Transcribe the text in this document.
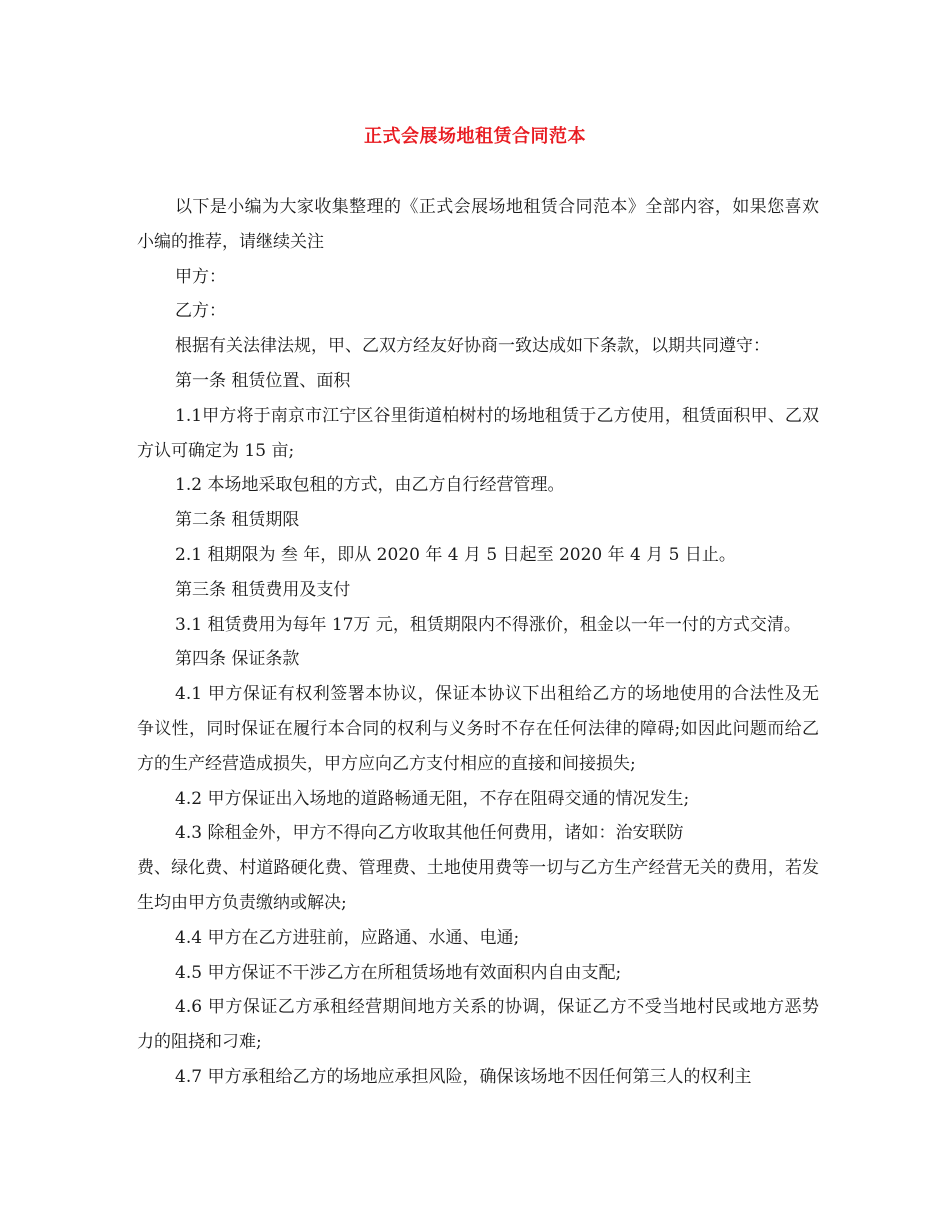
正式会展场地租赁合同范本

以下是小编为大家收集整理的《正式会展场地租赁合同范本》全部内容，如果您喜欢小编的推荐，请继续关注

甲方：

乙方：

根据有关法律法规，甲、乙双方经友好协商一致达成如下条款，以期共同遵守：

第一条 租赁位置、面积

1.1甲方将于南京市江宁区谷里街道柏树村的场地租赁于乙方使用，租赁面积甲、乙双方认可确定为 15 亩;

1.2 本场地采取包租的方式，由乙方自行经营管理。

第二条 租赁期限

2.1 租期限为 叁 年，即从 2020 年 4 月 5 日起至 2020 年 4 月 5 日止。

第三条 租赁费用及支付

3.1 租赁费用为每年 17万 元，租赁期限内不得涨价，租金以一年一付的方式交清。

第四条 保证条款

4.1 甲方保证有权利签署本协议，保证本协议下出租给乙方的场地使用的合法性及无争议性，同时保证在履行本合同的权利与义务时不存在任何法律的障碍;如因此问题而给乙方的生产经营造成损失，甲方应向乙方支付相应的直接和间接损失;

4.2 甲方保证出入场地的道路畅通无阻，不存在阻碍交通的情况发生;

4.3 除租金外，甲方不得向乙方收取其他任何费用，诸如：治安联防

费、绿化费、村道路硬化费、管理费、土地使用费等一切与乙方生产经营无关的费用，若发生均由甲方负责缴纳或解决;

4.4 甲方在乙方进驻前，应路通、水通、电通;

4.5 甲方保证不干涉乙方在所租赁场地有效面积内自由支配;

4.6 甲方保证乙方承租经营期间地方关系的协调，保证乙方不受当地村民或地方恶势力的阻挠和刁难;

4.7 甲方承租给乙方的场地应承担风险，确保该场地不因任何第三人的权利主
